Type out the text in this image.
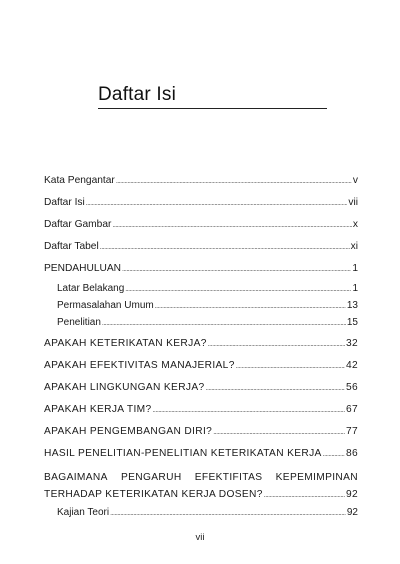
Daftar Isi
Kata Pengantar .....	v
Daftar Isi .....	vii
Daftar Gambar .....	x
Daftar Tabel .....	xi
PENDAHULUAN .....	1
Latar Belakang .....	1
Permasalahan Umum .....	13
Penelitian .....	15
APAKAH KETERIKATAN KERJA? .....	32
APAKAH EFEKTIVITAS MANAJERIAL? .....	42
APAKAH LINGKUNGAN KERJA? .....	56
APAKAH KERJA TIM? .....	67
APAKAH PENGEMBANGAN DIRI? .....	77
HASIL PENELITIAN-PENELITIAN KETERIKATAN KERJA ..... 86
BAGAIMANA PENGARUH EFEKTIFITAS KEPEMIMPINAN
TERHADAP KETERIKATAN KERJA DOSEN? .....	92
Kajian Teori .....	92
vii
